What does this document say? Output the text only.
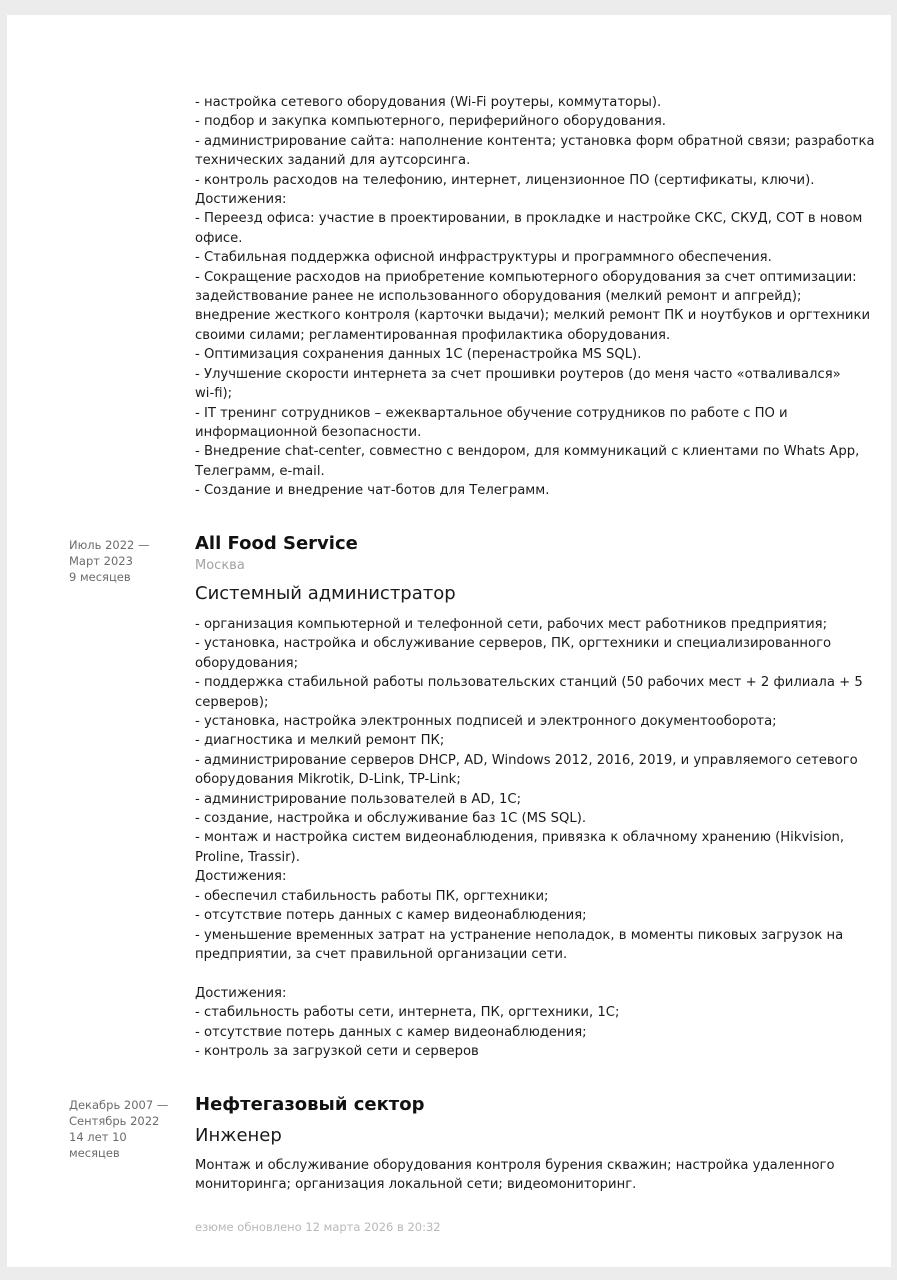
- настройка сетевого оборудования (Wi-Fi роутеры, коммутаторы).
- подбор и закупка компьютерного, периферийного оборудования.
- администрирование сайта: наполнение контента; установка форм обратной связи; разработка
технических заданий для аутсорсинга.
- контроль расходов на телефонию, интернет, лицензионное ПО (сертификаты, ключи).
Достижения:
- Переезд офиса: участие в проектировании, в прокладке и настройке СКС, СКУД, СОТ в новом
офисе.
- Стабильная поддержка офисной инфраструктуры и программного обеспечения.
- Сокращение расходов на приобретение компьютерного оборудования за счет оптимизации:
задействование ранее не использованного оборудования (мелкий ремонт и апгрейд);
внедрение жесткого контроля (карточки выдачи); мелкий ремонт ПК и ноутбуков и оргтехники
своими силами; регламентированная профилактика оборудования.
- Оптимизация сохранения данных 1С (перенастройка MS SQL).
- Улучшение скорости интернета за счет прошивки роутеров (до меня часто «отваливался»
wi-fi);
- IT тренинг сотрудников – ежеквартальное обучение сотрудников по работе с ПО и
информационной безопасности.
- Внедрение chat-center, совместно с вендором, для коммуникаций с клиентами по Whats App,
Телеграмм, e-mail.
- Создание и внедрение чат-ботов для Телеграмм.
Июль 2022 —
Март 2023
9 месяцев
All Food Service
Москва
Системный администратор
- организация компьютерной и телефонной сети, рабочих мест работников предприятия;
- установка, настройка и обслуживание серверов, ПК, оргтехники и специализированного
оборудования;
- поддержка стабильной работы пользовательских станций (50 рабочих мест + 2 филиала + 5
серверов);
- установка, настройка электронных подписей и электронного документооборота;
- диагностика и мелкий ремонт ПК;
- администрирование серверов DHCP, AD, Windows 2012, 2016, 2019, и управляемого сетевого
оборудования Mikrotik, D-Link, TP-Link;
- администрирование пользователей в AD, 1С;
- создание, настройка и обслуживание баз 1С (MS SQL).
- монтаж и настройка систем видеонаблюдения, привязка к облачному хранению (Hikvision,
Proline, Trassir).
Достижения:
- обеспечил стабильность работы ПК, оргтехники;
- отсутствие потерь данных с камер видеонаблюдения;
- уменьшение временных затрат на устранение неполадок, в моменты пиковых загрузок на
предприятии, за счет правильной организации сети.
Достижения:
- стабильность работы сети, интернета, ПК, оргтехники, 1С;
- отсутствие потерь данных с камер видеонаблюдения;
- контроль за загрузкой сети и серверов
Декабрь 2007 —
Сентябрь 2022
14 лет 10
месяцев
Нефтегазовый сектор
Инженер
Монтаж и обслуживание оборудования контроля бурения скважин; настройка удаленного
мониторинга; организация локальной сети; видеомониторинг.
езюме обновлено 12 марта 2026 в 20:32
